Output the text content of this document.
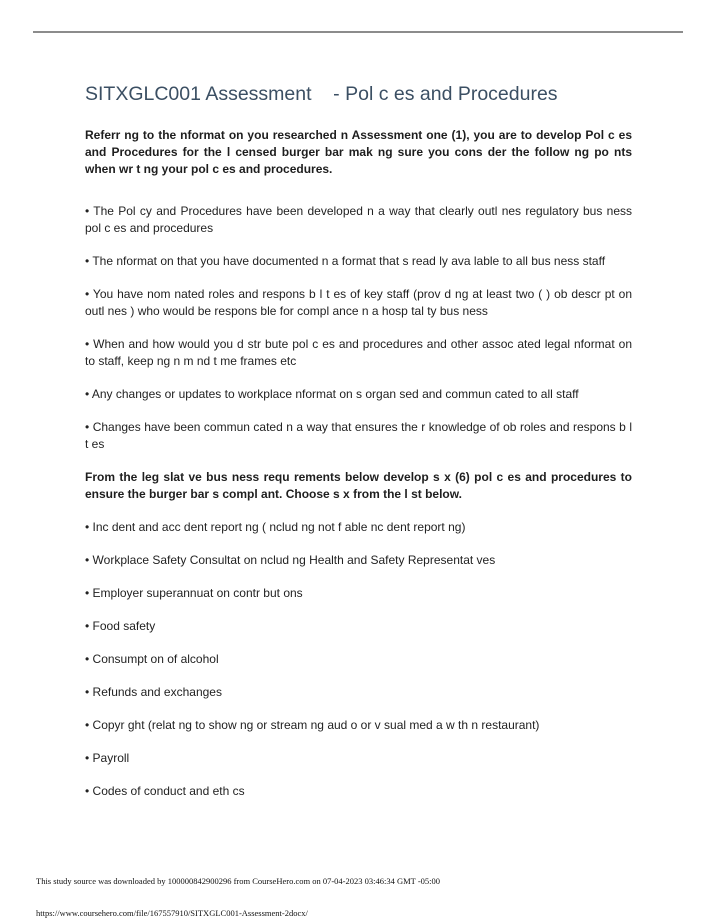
SITXGLC001 Assessment    - Pol c es and Procedures

Referr ng to the nformat on you researched n Assessment one (1), you are to develop Pol c es and Procedures for the l censed burger bar mak ng sure you cons der the follow ng po nts when wr t ng your pol c es and procedures.

• The Pol cy and Procedures have been developed n a way that clearly outl nes regulatory bus ness pol c es and procedures

• The nformat on that you have documented n a format that s read ly ava lable to all bus ness staff

• You have nom nated roles and respons b l t es of key staff (prov d ng at least two ( ) ob descr pt on outl nes ) who would be respons ble for compl ance n a hosp tal ty bus ness

• When and how would you d str bute pol c es and procedures and other assoc ated legal nformat on to staff, keep ng n m nd t me frames etc

• Any changes or updates to workplace nformat on s organ sed and commun cated to all staff

• Changes have been commun cated n a way that ensures the r knowledge of ob roles and respons b l t es

From the leg slat ve bus ness requ rements below develop s x (6) pol c es and procedures to ensure the burger bar s compl ant. Choose s x from the l st below.

• Inc dent and acc dent report ng ( nclud ng not f able nc dent report ng)

• Workplace Safety Consultat on nclud ng Health and Safety Representat ves

• Employer superannuat on contr but ons

• Food safety

• Consumpt on of alcohol

• Refunds and exchanges

• Copyr ght (relat ng to show ng or stream ng aud o or v sual med a w th n restaurant)

• Payroll

• Codes of conduct and eth cs

This study source was downloaded by 100000842900296 from CourseHero.com on 07-04-2023 03:46:34 GMT -05:00
https://www.coursehero.com/file/167557910/SITXGLC001-Assessment-2docx/
